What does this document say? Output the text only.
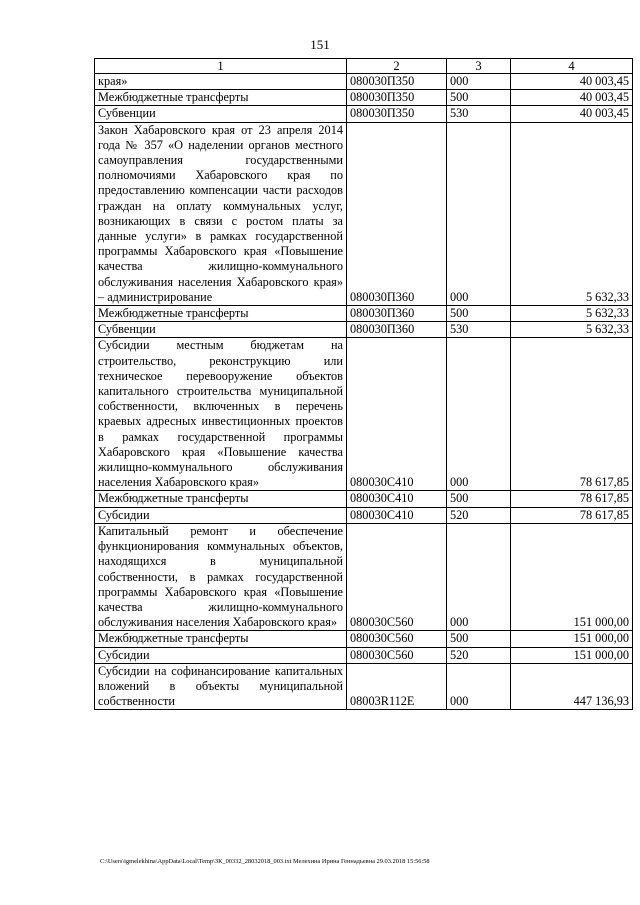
151
1	2	3	4
края»	080030П350	000	40 003,45
Межбюджетные трансферты	080030П350	500	40 003,45
Субвенции	080030П350	530	40 003,45
Закон Хабаровского края от 23 апреля 2014 года № 357 «О наделении органов местного самоуправления государственными полномочиями Хабаровского края по предоставлению компенсации части расходов граждан на оплату коммунальных услуг, возникающих в связи с ростом платы за данные услуги» в рамках государственной программы Хабаровского края «Повышение качества жилищно-коммунального обслуживания населения Хабаровского края» – администрирование	080030П360	000	5 632,33
Межбюджетные трансферты	080030П360	500	5 632,33
Субвенции	080030П360	530	5 632,33
Субсидии местным бюджетам на строительство, реконструкцию или техническое перевооружение объектов капитального строительства муниципальной собственности, включенных в перечень краевых адресных инвестиционных проектов в рамках государственной программы Хабаровского края «Повышение качества жилищно-коммунального обслуживания населения Хабаровского края»	080030С410	000	78 617,85
Межбюджетные трансферты	080030С410	500	78 617,85
Субсидии	080030С410	520	78 617,85
Капитальный ремонт и обеспечение функционирования коммунальных объектов, находящихся в муниципальной собственности, в рамках государственной программы Хабаровского края «Повышение качества жилищно-коммунального обслуживания населения Хабаровского края»	080030С560	000	151 000,00
Межбюджетные трансферты	080030С560	500	151 000,00
Субсидии	080030С560	520	151 000,00
Субсидии на софинансирование капитальных вложений в объекты муниципальной собственности	08003R112E	000	447 136,93
C:\Users\igmelekhina\AppData\Local\Temp\ЗК_00332_28032018_003.txt Мелехина Ирина Геннадьевна 29.03.2018 15:56:58
